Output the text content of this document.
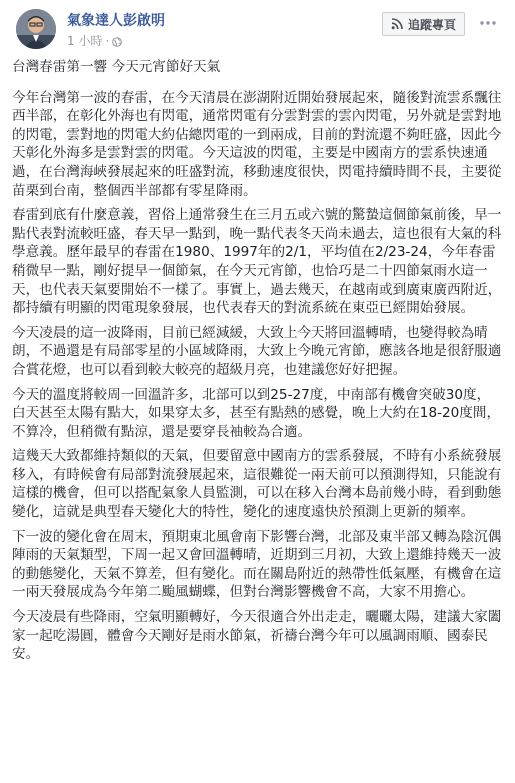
氣象達人彭啟明
1 小時 ·
追蹤專頁

台灣春雷第一響 今天元宵節好天氣

今年台灣第一波的春雷，在今天清晨在澎湖附近開始發展起來，隨後對流雲系飄往西半部，在彰化外海也有閃電，通常閃電有分雲對雲的雲內閃電，另外就是雲對地的閃電，雲對地的閃電大約佔總閃電的一到兩成，目前的對流還不夠旺盛，因此今天彰化外海多是雲對雲的閃電。今天這波的閃電，主要是中國南方的雲系快速通過，在台灣海峽發展起來的旺盛對流，移動速度很快，閃電持續時間不長，主要從苗栗到台南，整個西半部都有零星降雨。

春雷到底有什麼意義，習俗上通常發生在三月五或六號的驚蟄這個節氣前後，早一點代表對流較旺盛，春天早一點到，晚一點代表冬天尚未過去，這也很有大氣的科學意義。歷年最早的春雷在1980、1997年的2/1，平均值在2/23-24，今年春雷稍微早一點，剛好提早一個節氣，在今天元宵節，也恰巧是二十四節氣雨水這一天，也代表天氣要開始不一樣了。事實上，過去幾天，在越南或到廣東廣西附近，都持續有明顯的閃電現象發展，也代表春天的對流系統在東亞已經開始發展。

今天凌晨的這一波降雨，目前已經減緩，大致上今天將回溫轉晴，也變得較為晴朗，不過還是有局部零星的小區域降雨，大致上今晚元宵節，應該各地是很舒服適合賞花燈，也可以看到較大較亮的超級月亮，也建議您好好把握。

今天的溫度將較周一回溫許多，北部可以到25-27度，中南部有機會突破30度，白天甚至太陽有點大，如果穿太多，甚至有點熱的感覺，晚上大約在18-20度間，不算冷，但稍微有點涼，還是要穿長袖較為合適。

這幾天大致都維持類似的天氣，但要留意中國南方的雲系發展，不時有小系統發展移入，有時候會有局部對流發展起來，這很難從一兩天前可以預測得知，只能說有這樣的機會，但可以搭配氣象人員監測，可以在移入台灣本島前幾小時，看到動態變化，這就是典型春天變化大的特性，變化的速度遠快於預測上更新的頻率。

下一波的變化會在周末，預期東北風會南下影響台灣，北部及東半部又轉為陰沉偶陣雨的天氣類型，下周一起又會回溫轉晴，近期到三月初，大致上還維持幾天一波的動態變化，天氣不算差，但有變化。而在關島附近的熱帶性低氣壓，有機會在這一兩天發展成為今年第二颱風蝴蝶，但對台灣影響機會不高，大家不用擔心。

今天凌晨有些降雨，空氣明顯轉好，今天很適合外出走走，曬曬太陽，建議大家闔家一起吃湯圓，體會今天剛好是雨水節氣，祈禱台灣今年可以風調雨順、國泰民安。
